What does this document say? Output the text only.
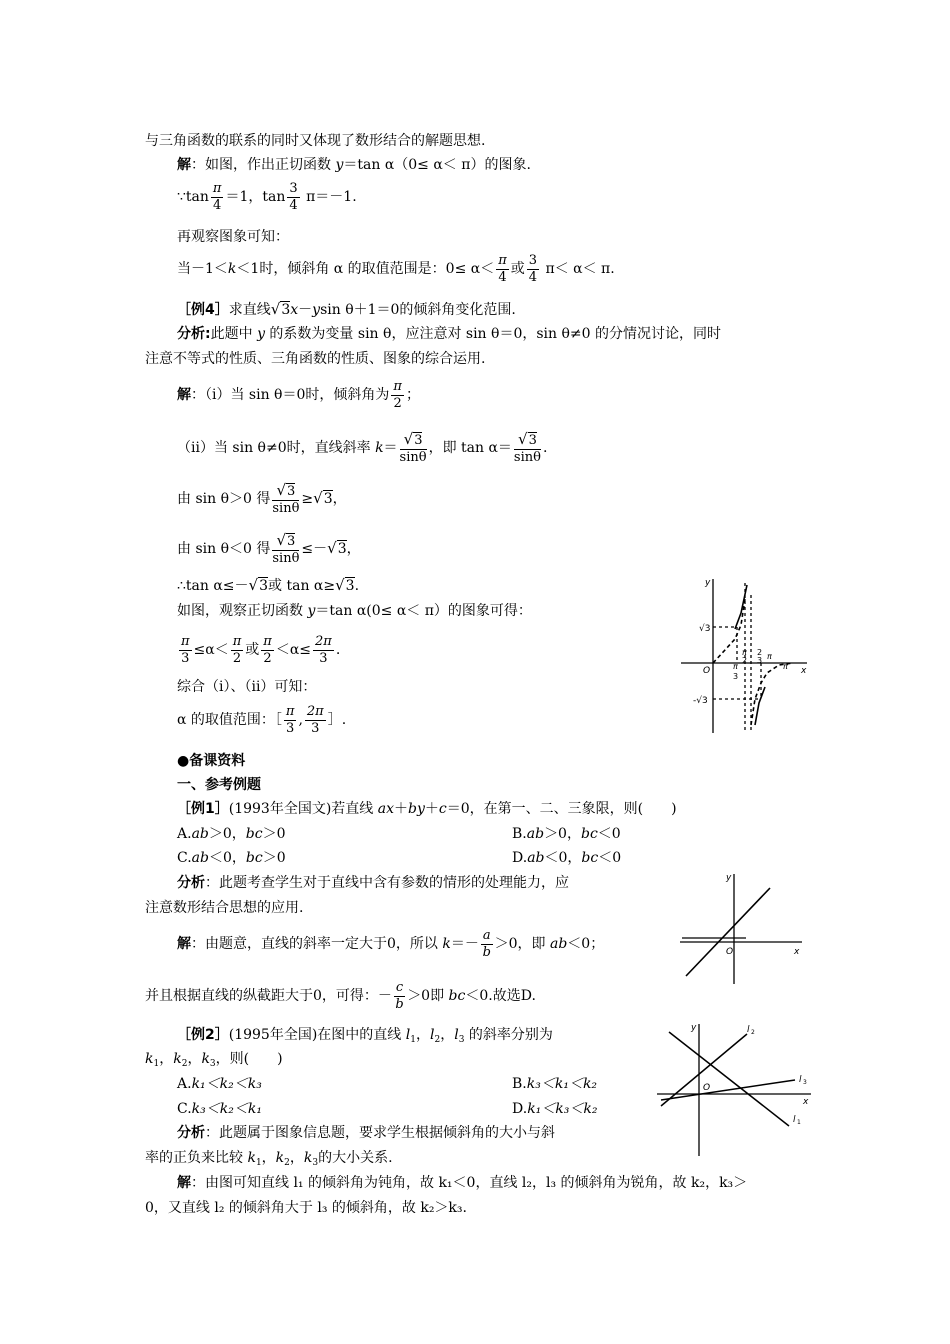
与三角函数的联系的同时又体现了数形结合的解题思想.
解：如图，作出正切函数 y＝tan α（0≤ α＜ π）的图象.
∵tan $\frac{\pi}{4} =1$，$\tan \frac{3}{4} \pi=-1$.
再观察图象可知：
当－1＜k＜1时，倾斜角 α 的取值范围是：$0\le \alpha< \frac{\pi}{4}$ 或 $\frac{3}{4} \pi< \alpha< \pi$.
［例4］求直线√3x－ysin θ＋1＝0的倾斜角变化范围.
分析:此题中 y 的系数为变量 sin θ，应注意对 sin θ＝0，sin θ≠0 的分情况讨论，同时
注意不等式的性质、三角函数的性质、图象的综合运用.
解：（ⅰ）当 sin θ＝0时，倾斜角为 $\frac{\pi}{2}$ ；
（ⅱ）当 sin θ≠0时，直线斜率 $k= \frac{√3}{\sin\theta}$ ，即 $\tan \alpha= \frac{√3}{\sin\theta}$ .
由 sin θ＞0 得 $\frac{√3}{\sin\theta} \ge√3$，
由 sin θ＜0 得 $\frac{√3}{\sin\theta} \le-√3$，
∴tan α≤－√3或 tan α≥√3.
如图，观察正切函数 y＝tan α(0≤ α＜ π）的图象可得：
$\frac{\pi}{3} \le\alpha< \frac{\pi}{2}$ 或 $\frac{\pi}{2} <\alpha\le \frac{2\pi}{3}$ .
综合（ⅰ）、（ⅱ）可知：
α 的取值范围：［ $\frac{\pi}{3}$ , $\frac{2\pi}{3}$ ］.
●备课资料
一、参考例题
［例1］(1993年全国文)若直线 ax＋by＋c＝0，在第一、二、三象限，则(　　)
A.ab＞0，bc＞0	B.ab＞0，bc＜0
C.ab＜0，bc＞0	D.ab＜0，bc＜0
分析：此题考查学生对于直线中含有参数的情形的处理能力，应
注意数形结合思想的应用.
解：由题意，直线的斜率一定大于0，所以 $k=- \frac{a}{b} >0$，即 ab＜0；
并且根据直线的纵截距大于0，可得：－ $\frac{c}{b} >0$即 bc＜0.故选D.
［例2］(1995年全国)在图中的直线 $l_1$，$l_2$，$l_3$ 的斜率分别为
$k_1$，$k_2$，$k_3$，则(　　)
A.k₁＜k₂＜k₃	B.k₃＜k₁＜k₂
C.k₃＜k₂＜k₁	D.k₁＜k₃＜k₂
分析：此题属于图象信息题，要求学生根据倾斜角的大小与斜
率的正负来比较 $k_1$，$k_2$，$k_3$的大小关系.
解：由图可知直线 l₁ 的倾斜角为钝角，故 k₁＜0，直线 l₂，l₃ 的倾斜角为锐角，故 k₂，k₃＞
0，又直线 l₂ 的倾斜角大于 l₃ 的倾斜角，故 k₂＞k₃.
y
x
O
√3
-√3
π
3
π
2
2
3 π
π
y
x
O
y
x
O
l 2
l 3
l 1
